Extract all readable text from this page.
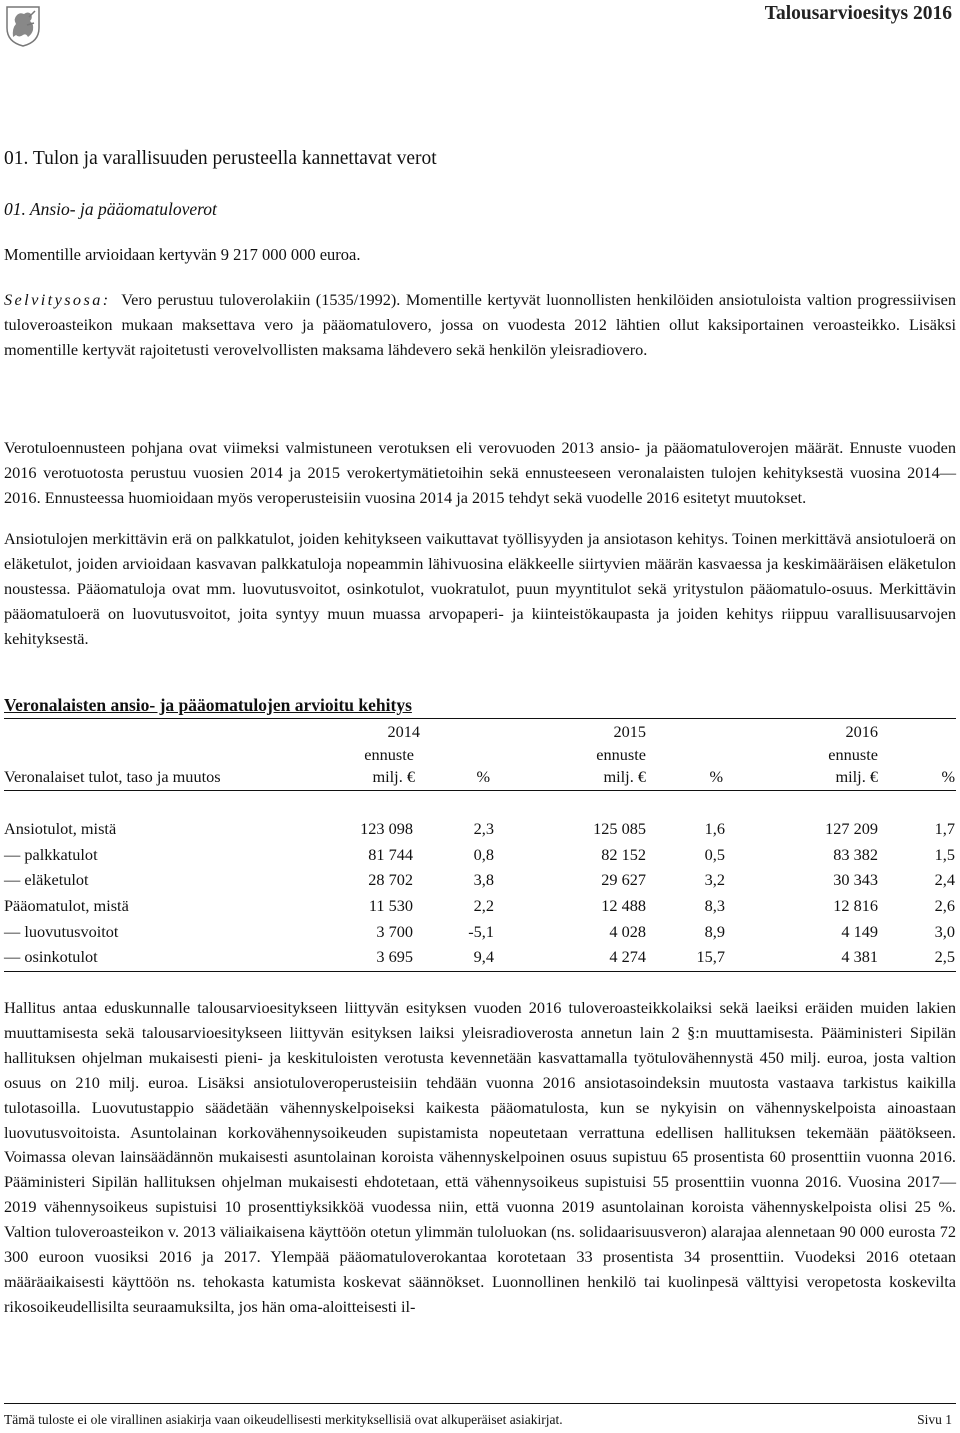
Talousarvioesitys 2016
01. Tulon ja varallisuuden perusteella kannettavat verot
01. Ansio- ja pääomatuloverot
Momentille arvioidaan kertyvän 9 217 000 000 euroa.

Selvitysosa: Vero perustuu tuloverolakiin (1535/1992). Momentille kertyvät luonnollisten henkilöiden ansiotuloista valtion progressiivisen tuloveroasteikon mukaan maksettava vero ja pääomatulovero, jossa on vuodesta 2012 lähtien ollut kaksiportainen veroasteikko. Lisäksi momentille kertyvät rajoitetusti verovelvollisten maksama lähdevero sekä henkilön yleisradiovero.

Verotuloennusteen pohjana ovat viimeksi valmistuneen verotuksen eli verovuoden 2013 ansio- ja pääomatuloverojen määrät. Ennuste vuoden 2016 verotuotosta perustuu vuosien 2014 ja 2015 verokertymätietoihin sekä ennusteeseen veronalaisten tulojen kehityksestä vuosina 2014—2016. Ennusteessa huomioidaan myös veroperusteisiin vuosina 2014 ja 2015 tehdyt sekä vuodelle 2016 esitetyt muutokset.

Ansiotulojen merkittävin erä on palkkatulot, joiden kehitykseen vaikuttavat työllisyyden ja ansiotason kehitys. Toinen merkittävä ansiotuloerä on eläketulot, joiden arvioidaan kasvavan palkkatuloja nopeammin lähivuosina eläkkeelle siirtyvien määrän kasvaessa ja keskimääräisen eläketulon noustessa. Pääomatuloja ovat mm. luovutusvoitot, osinkotulot, vuokratulot, puun myyntitulot sekä yritystulon pääomatulo-osuus. Merkittävin pääomatuloerä on luovutusvoitot, joita syntyy muun muassa arvopaperi- ja kiinteistökaupasta ja joiden kehitys riippuu varallisuusarvojen kehityksestä.

Veronalaisten ansio- ja pääomatulojen arvioitu kehitys
2014	2015	2016
ennuste	ennuste	ennuste
Veronalaiset tulot, taso ja muutos	milj. €	%	milj. €	%	milj. €	%
Ansiotulot, mistä	123 098	2,3	125 085	1,6	127 209	1,7
— palkkatulot	81 744	0,8	82 152	0,5	83 382	1,5
— eläketulot	28 702	3,8	29 627	3,2	30 343	2,4
Pääomatulot, mistä	11 530	2,2	12 488	8,3	12 816	2,6
— luovutusvoitot	3 700	-5,1	4 028	8,9	4 149	3,0
— osinkotulot	3 695	9,4	4 274	15,7	4 381	2,5

Hallitus antaa eduskunnalle talousarvioesitykseen liittyvän esityksen vuoden 2016 tuloveroasteikkolaiksi sekä laeiksi eräiden muiden lakien muuttamisesta sekä talousarvioesitykseen liittyvän esityksen laiksi yleisradioverosta annetun lain 2 §:n muuttamisesta. Pääministeri Sipilän hallituksen ohjelman mukaisesti pieni- ja keskituloisten verotusta kevennetään kasvattamalla työtulovähennystä 450 milj. euroa, josta valtion osuus on 210 milj. euroa. Lisäksi ansiotuloveroperusteisiin tehdään vuonna 2016 ansiotasoindeksin muutosta vastaava tarkistus kaikilla tulotasoilla. Luovutustappio säädetään vähennyskelpoiseksi kaikesta pääomatulosta, kun se nykyisin on vähennyskelpoista ainoastaan luovutusvoitoista. Asuntolainan korkovähennysoikeuden supistamista nopeutetaan verrattuna edellisen hallituksen tekemään päätökseen. Voimassa olevan lainsäädännön mukaisesti asuntolainan koroista vähennyskelpoinen osuus supistuu 65 prosentista 60 prosenttiin vuonna 2016. Pääministeri Sipilän hallituksen ohjelman mukaisesti ehdotetaan, että vähennysoikeus supistuisi 55 prosenttiin vuonna 2016. Vuosina 2017—2019 vähennysoikeus supistuisi 10 prosenttiyksikköä vuodessa niin, että vuonna 2019 asuntolainan koroista vähennyskelpoista olisi 25 %. Valtion tuloveroasteikon v. 2013 väliaikaisena käyttöön otetun ylimmän tuloluokan (ns. solidaarisuusveron) alarajaa alennetaan 90 000 eurosta 72 300 euroon vuosiksi 2016 ja 2017. Ylempää pääomatuloverokantaa korotetaan 33 prosentista 34 prosenttiin. Vuodeksi 2016 otetaan määräaikaisesti käyttöön ns. tehokasta katumista koskevat säännökset. Luonnollinen henkilö tai kuolinpesä välttyisi veropetosta koskevilta rikosoikeudellisilta seuraamuksilta, jos hän oma-aloitteisesti il-

Tämä tuloste ei ole virallinen asiakirja vaan oikeudellisesti merkityksellisiä ovat alkuperäiset asiakirjat.	Sivu 1
